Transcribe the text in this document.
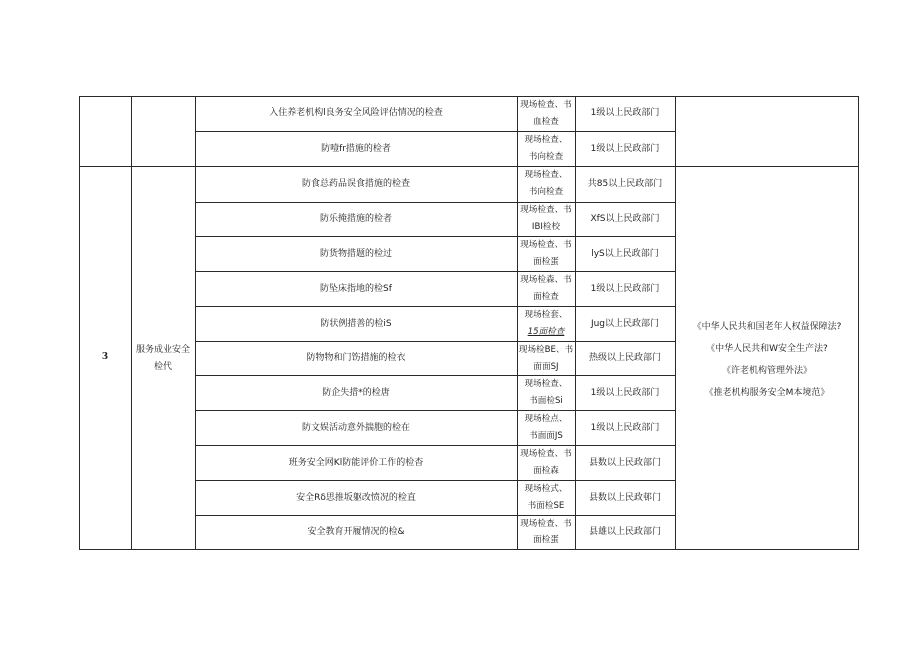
入住养老机构l良务安全风险评估情况的检查
现场检查、书
血检查
1级以上民政部门
防噎fr措施的检者
现场检查、
书向检查
1级以上民政部门
3
服务成业安全
检代
《中华人民共和国老年人权益保障法?
《中华人民共和W安全生产法?
《许老机构管理外法》
《推老机构服务安全M本境范》
防食总药品误食措施的检查
现场检查、
书向检查
共85以上民政部门
防乐掩措施的检者
现场检查、书
IBI检校
XfS以上民政部门
防货物措题的检过
现场检查、书
面检蛋
lyS以上民政部门
防坠床指地的检Sf
现场检森、书
面检查
1级以上民政部门
防状例措善的检iS
现场检套、
15面检查
Jug以上民政部门
防物物和门饬措施的检衣
现场检BE、书
面面SJ
热级以上民政部门
防企失措*的检唐
现场检查、
书面检Si
1级以上民政部门
防文娱活动意外揣胞的检在
现场检点、
书面面JS
1级以上民政部门
班务安全网Kl防能评价工作的检杳
现场检查、书
面检森
县数以上民政部门
安全Rδ思推坂躯改愤况的检直
现场检式、
书面检SE
县数以上民政邨门
安全教育开履情况的检&
现场检查、书
面检蛋
县雄以上民政部门
